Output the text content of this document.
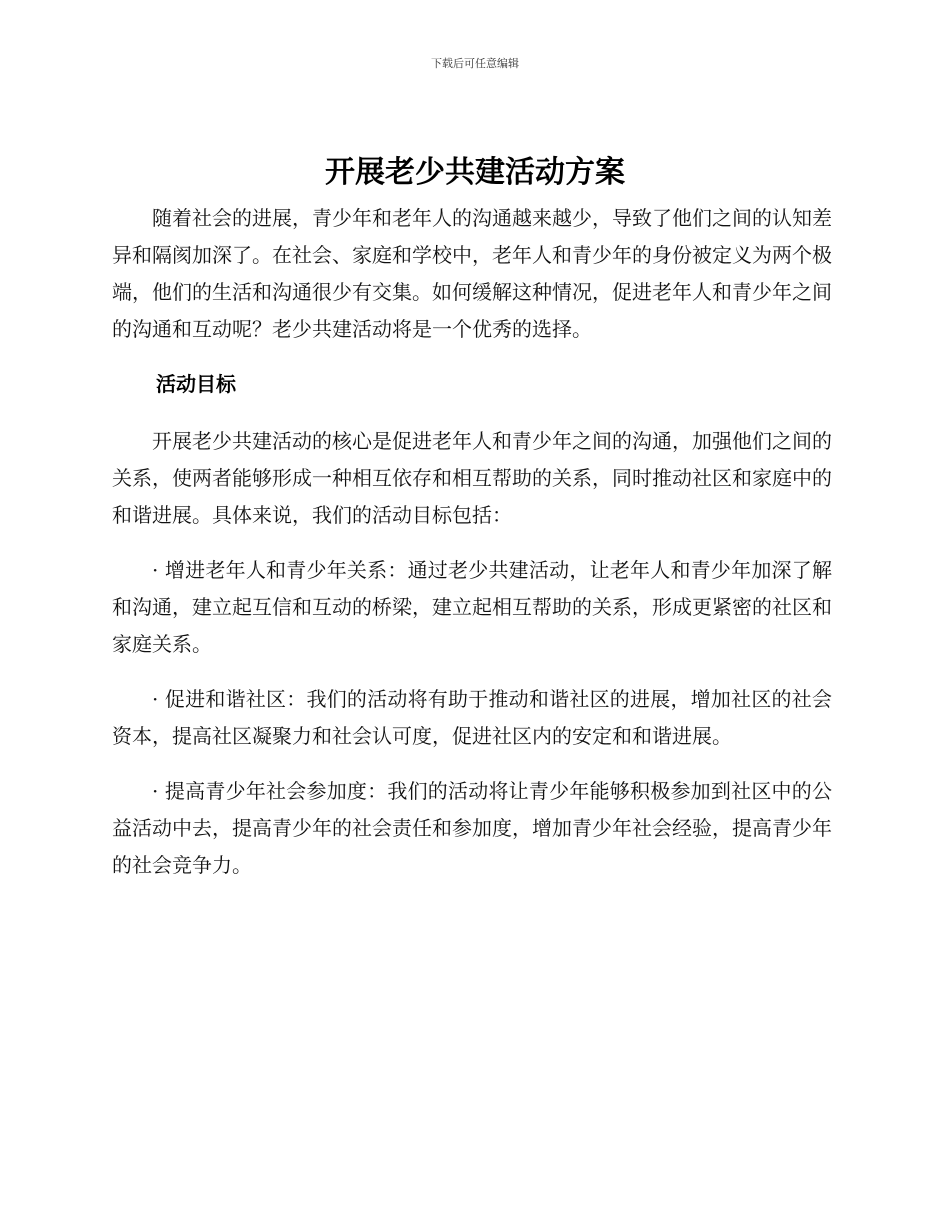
下载后可任意编辑
开展老少共建活动方案

随着社会的进展，青少年和老年人的沟通越来越少，导致了他们之间的认知差异和隔阂加深了。在社会、家庭和学校中，老年人和青少年的身份被定义为两个极端，他们的生活和沟通很少有交集。如何缓解这种情况，促进老年人和青少年之间的沟通和互动呢？老少共建活动将是一个优秀的选择。

活动目标

开展老少共建活动的核心是促进老年人和青少年之间的沟通，加强他们之间的关系，使两者能够形成一种相互依存和相互帮助的关系，同时推动社区和家庭中的和谐进展。具体来说，我们的活动目标包括：

· 增进老年人和青少年关系：通过老少共建活动，让老年人和青少年加深了解和沟通，建立起互信和互动的桥梁，建立起相互帮助的关系，形成更紧密的社区和家庭关系。

· 促进和谐社区：我们的活动将有助于推动和谐社区的进展，增加社区的社会资本，提高社区凝聚力和社会认可度，促进社区内的安定和和谐进展。

· 提高青少年社会参加度：我们的活动将让青少年能够积极参加到社区中的公益活动中去，提高青少年的社会责任和参加度，增加青少年社会经验，提高青少年的社会竞争力。
